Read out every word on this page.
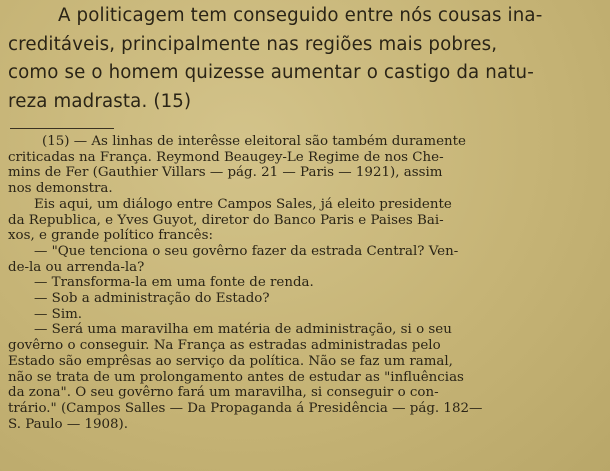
A politicagem tem conseguido entre nós cousas ina-
creditáveis, principalmente nas regiões mais pobres,
como se o homem quizesse aumentar o castigo da natu-
reza madrasta. (15)
(15) — As linhas de interêsse eleitoral são também duramente
criticadas na França. Reymond Beaugey-Le Regime de nos Che-
mins de Fer (Gauthier Villars — pág. 21 — Paris — 1921), assim
nos demonstra.
Eis aqui, um diálogo entre Campos Sales, já eleito presidente
da Republica, e Yves Guyot, diretor do Banco Paris e Paises Bai-
xos, e grande político francês:
— "Que tenciona o seu govêrno fazer da estrada Central? Ven-
de-la ou arrenda-la?
— Transforma-la em uma fonte de renda.
— Sob a administração do Estado?
— Sim.
— Será uma maravilha em matéria de administração, si o seu
govêrno o conseguir. Na França as estradas administradas pelo
Estado são emprêsas ao serviço da política. Não se faz um ramal,
não se trata de um prolongamento antes de estudar as "influências
da zona". O seu govêrno fará um maravilha, si conseguir o con-
trário." (Campos Salles — Da Propaganda á Presidência — pág. 182—
S. Paulo — 1908).
